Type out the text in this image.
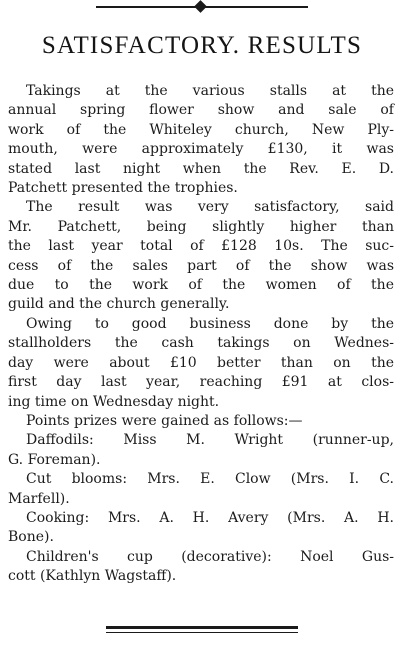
SATISFACTORY. RESULTS
Takings at the various stalls at the
annual spring flower show and sale of
work of the Whiteley church, New Ply-
mouth, were approximately £130, it was
stated last night when the Rev. E. D.
Patchett presented the trophies.
The result was very satisfactory, said
Mr. Patchett, being slightly higher than
the last year total of £128 10s. The suc-
cess of the sales part of the show was
due to the work of the women of the
guild and the church generally.
Owing to good business done by the
stallholders the cash takings on Wednes-
day were about £10 better than on the
first day last year, reaching £91 at clos-
ing time on Wednesday night.
Points prizes were gained as follows:—
Daffodils: Miss M. Wright (runner-up,
G. Foreman).
Cut blooms: Mrs. E. Clow (Mrs. I. C.
Marfell).
Cooking: Mrs. A. H. Avery (Mrs. A. H.
Bone).
Children's cup (decorative): Noel Gus-
cott (Kathlyn Wagstaff).
